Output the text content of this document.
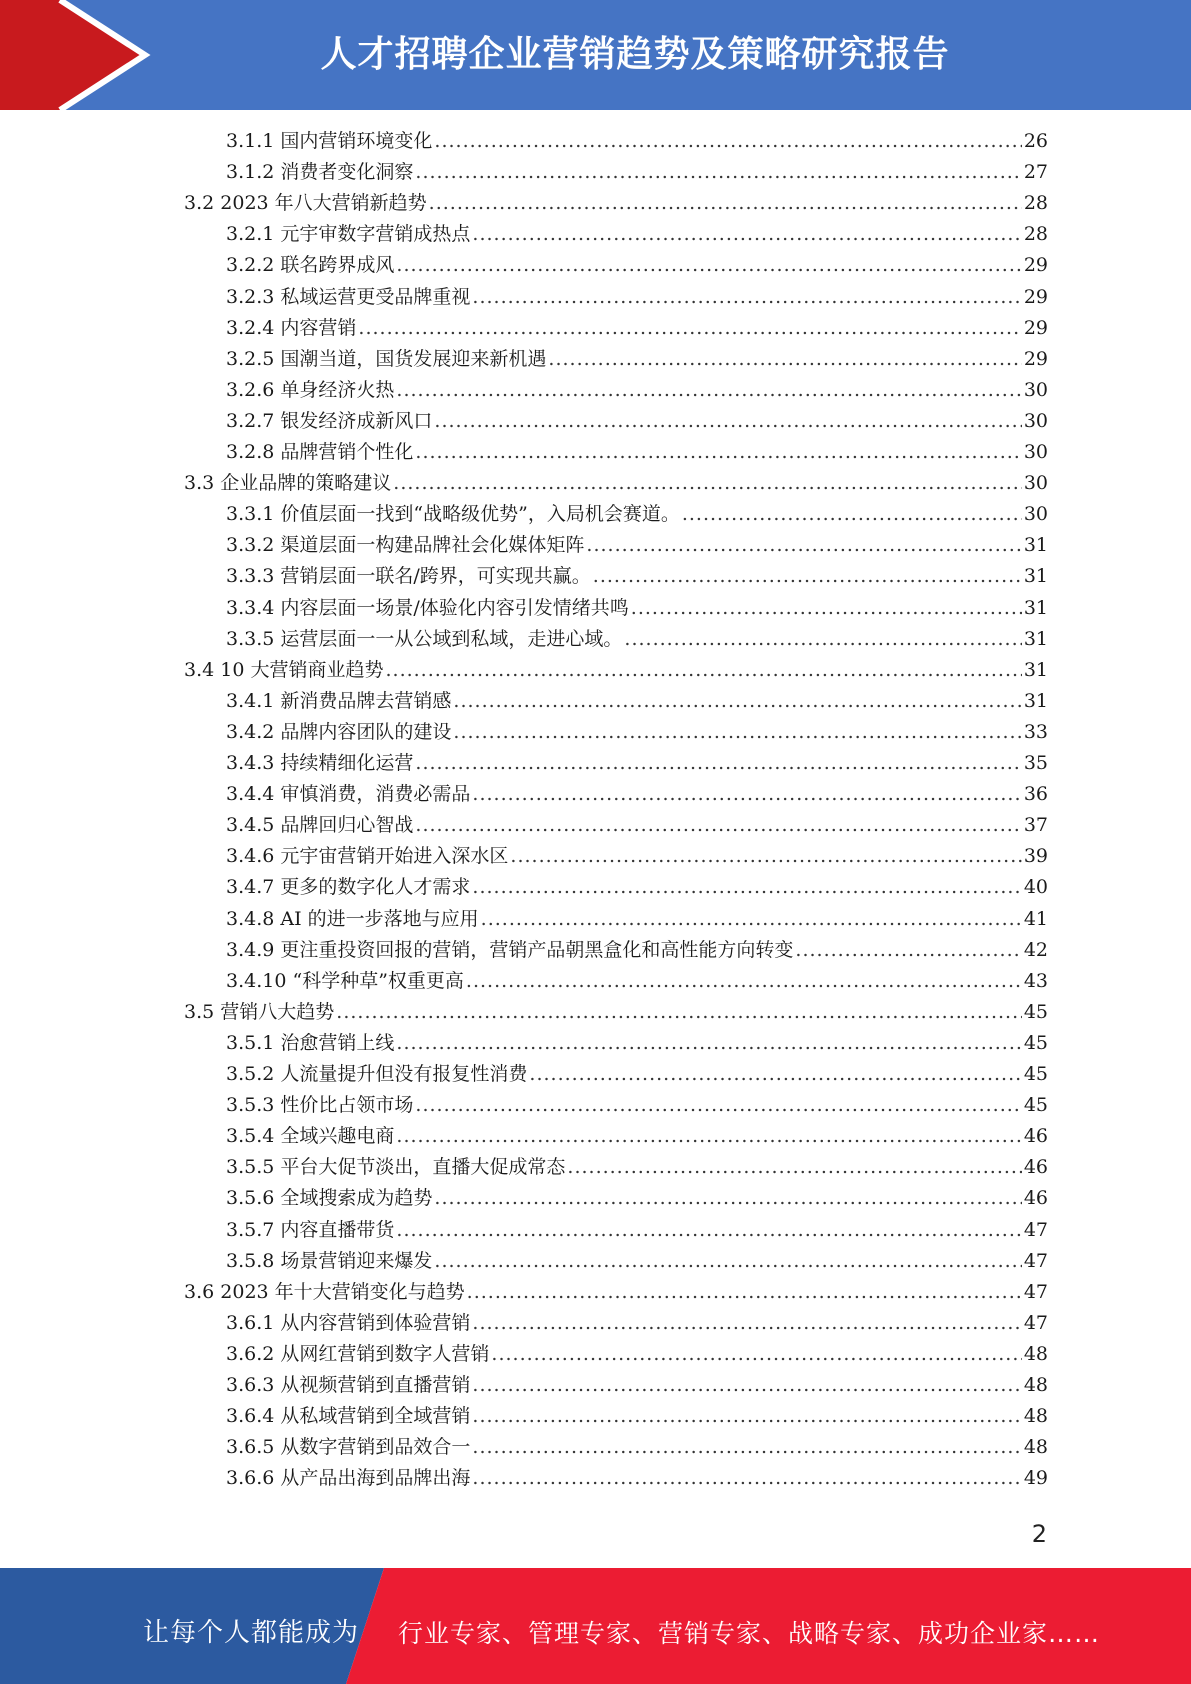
人才招聘企业营销趋势及策略研究报告
3.1.1 国内营销环境变化 .....	26
3.1.2 消费者变化洞察 .....	27
3.2 2023 年八大营销新趋势 .....	28
3.2.1 元宇审数字营销成热点 .....	28
3.2.2 联名跨界成风 .....	29
3.2.3 私域运营更受品牌重视 .....	29
3.2.4 内容营销 .....	29
3.2.5 国潮当道，国货发展迎来新机遇 .....	29
3.2.6 单身经济火热 .....	30
3.2.7 银发经济成新风口 .....	30
3.2.8 品牌营销个性化 .....	30
3.3 企业品牌的策略建议 .....	30
3.3.1 价值层面一找到“战略级优势”，入局机会赛道。 .....	30
3.3.2 渠道层面一构建品牌社会化媒体矩阵 .....	31
3.3.3 营销层面一联名/跨界，可实现共赢。 .....	31
3.3.4 内容层面一场景/体验化内容引发情绪共鸣 .....	31
3.3.5 运营层面一一从公域到私域，走进心域。 .....	31
3.4 10 大营销商业趋势 .....	31
3.4.1 新消费品牌去营销感 .....	31
3.4.2 品牌内容团队的建设 .....	33
3.4.3 持续精细化运营 .....	35
3.4.4 审慎消费，消费必需品 .....	36
3.4.5 品牌回归心智战 .....	37
3.4.6 元宇宙营销开始进入深水区 .....	39
3.4.7 更多的数字化人才需求 .....	40
3.4.8 AI 的进一步落地与应用 .....	41
3.4.9 更注重投资回报的营销，营销产品朝黑盒化和高性能方向转变 .....	42
3.4.10 “科学种草”权重更高 .....	43
3.5 营销八大趋势 .....	45
3.5.1 治愈营销上线 .....	45
3.5.2 人流量提升但没有报复性消费 .....	45
3.5.3 性价比占领市场 .....	45
3.5.4 全域兴趣电商 .....	46
3.5.5 平台大促节淡出，直播大促成常态 .....	46
3.5.6 全域搜索成为趋势 .....	46
3.5.7 内容直播带货 .....	47
3.5.8 场景营销迎来爆发 .....	47
3.6 2023 年十大营销变化与趋势 .....	47
3.6.1 从内容营销到体验营销 .....	47
3.6.2 从网红营销到数字人营销 .....	48
3.6.3 从视频营销到直播营销 .....	48
3.6.4 从私域营销到全域营销 .....	48
3.6.5 从数字营销到品效合一 .....	48
3.6.6 从产品出海到品牌出海 .....	49
2
让每个人都能成为 行业专家、管理专家、营销专家、战略专家、成功企业家……
